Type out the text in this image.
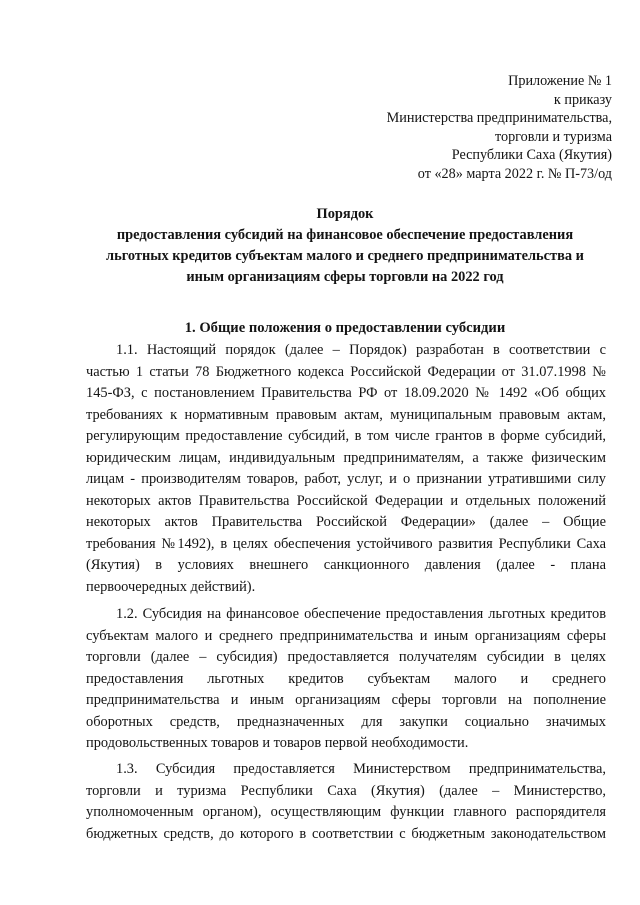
Приложение № 1
к приказу
Министерства предпринимательства,
торговли и туризма
Республики Саха (Якутия)
от «28» марта 2022 г. № П-73/од
Порядок
предоставления субсидий на финансовое обеспечение предоставления
льготных кредитов субъектам малого и среднего предпринимательства и
иным организациям сферы торговли на 2022 год
1. Общие положения о предоставлении субсидии
1.1. Настоящий порядок (далее – Порядок) разработан в соответствии с
частью 1 статьи 78 Бюджетного кодекса Российской Федерации от 31.07.1998 №
145-ФЗ, с постановлением Правительства РФ от 18.09.2020 № 1492 «Об общих
требованиях к нормативным правовым актам, муниципальным правовым актам,
регулирующим предоставление субсидий, в том числе грантов в форме субсидий,
юридическим лицам, индивидуальным предпринимателям, а также физическим
лицам - производителям товаров, работ, услуг, и о признании утратившими силу
некоторых актов Правительства Российской Федерации и отдельных положений
некоторых актов Правительства Российской Федерации» (далее – Общие
требования №1492), в целях обеспечения устойчивого развития Республики Саха
(Якутия) в условиях внешнего санкционного давления (далее - плана
первоочередных действий).
1.2. Субсидия на финансовое обеспечение предоставления льготных кредитов
субъектам малого и среднего предпринимательства и иным организациям сферы
торговли (далее – субсидия) предоставляется получателям субсидии в целях
предоставления льготных кредитов субъектам малого и среднего
предпринимательства и иным организациям сферы торговли на пополнение
оборотных средств, предназначенных для закупки социально значимых
продовольственных товаров и товаров первой необходимости.
1.3. Субсидия предоставляется Министерством предпринимательства,
торговли и туризма Республики Саха (Якутия) (далее – Министерство,
уполномоченным органом), осуществляющим функции главного распорядителя
бюджетных средств, до которого в соответствии с бюджетным законодательством
